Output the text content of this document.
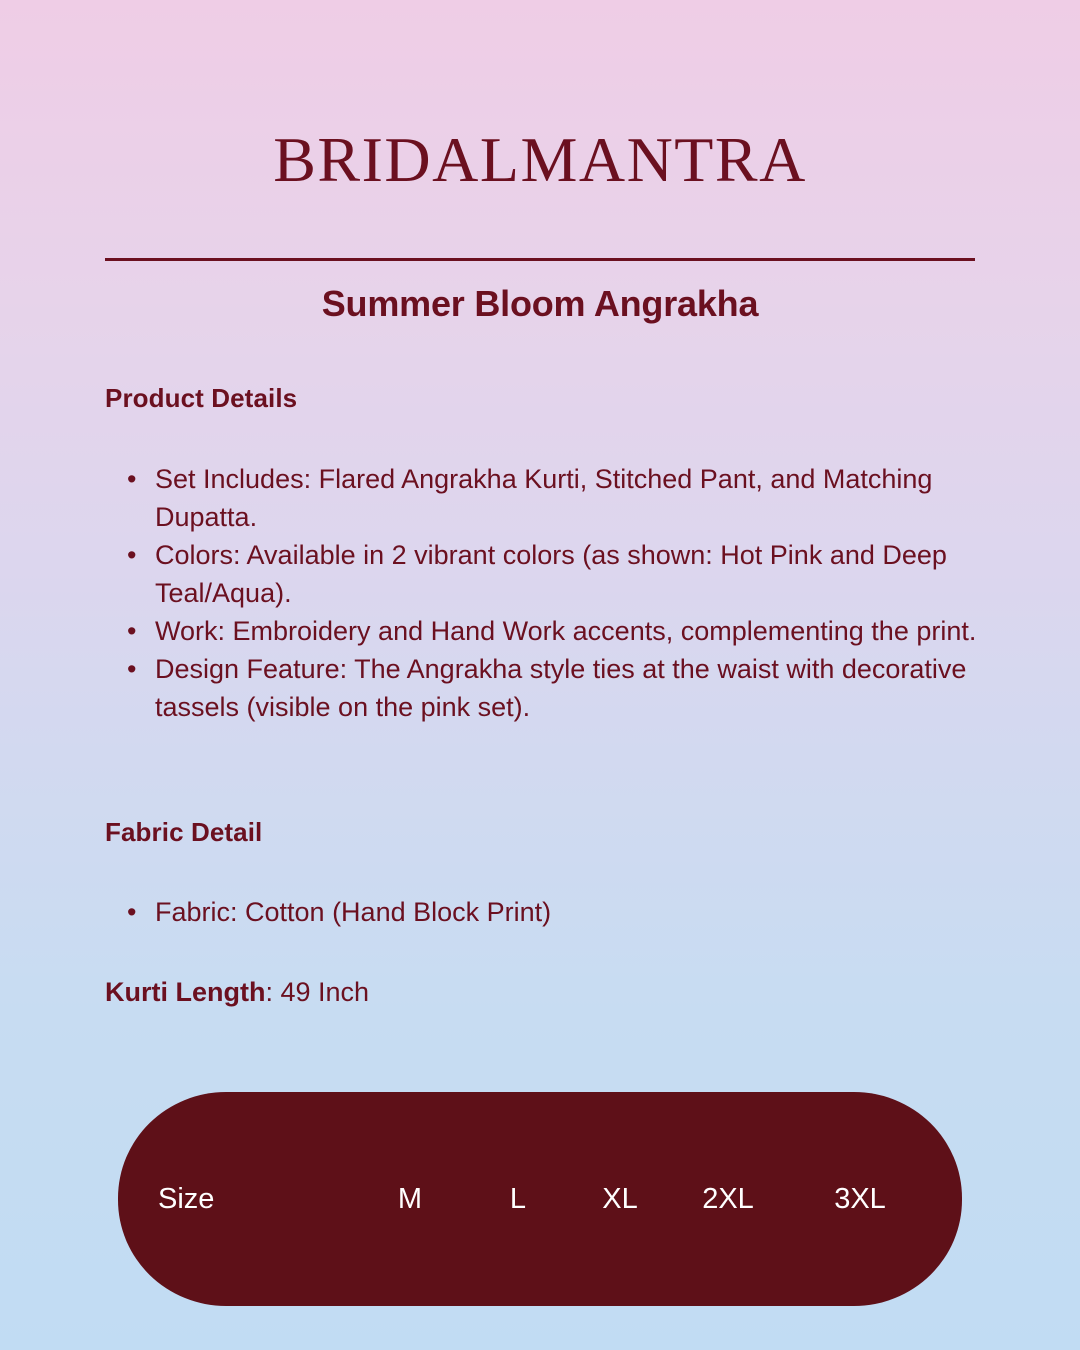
BRIDALMANTRA
Summer Bloom Angrakha
Product Details
• Set Includes: Flared Angrakha Kurti, Stitched Pant, and Matching Dupatta.
• Colors: Available in 2 vibrant colors (as shown: Hot Pink and Deep Teal/Aqua).
• Work: Embroidery and Hand Work accents, complementing the print.
• Design Feature: The Angrakha style ties at the waist with decorative tassels (visible on the pink set).
Fabric Detail
• Fabric: Cotton (Hand Block Print)
Kurti Length: 49 Inch
Size	M	L	XL	2XL	3XL
